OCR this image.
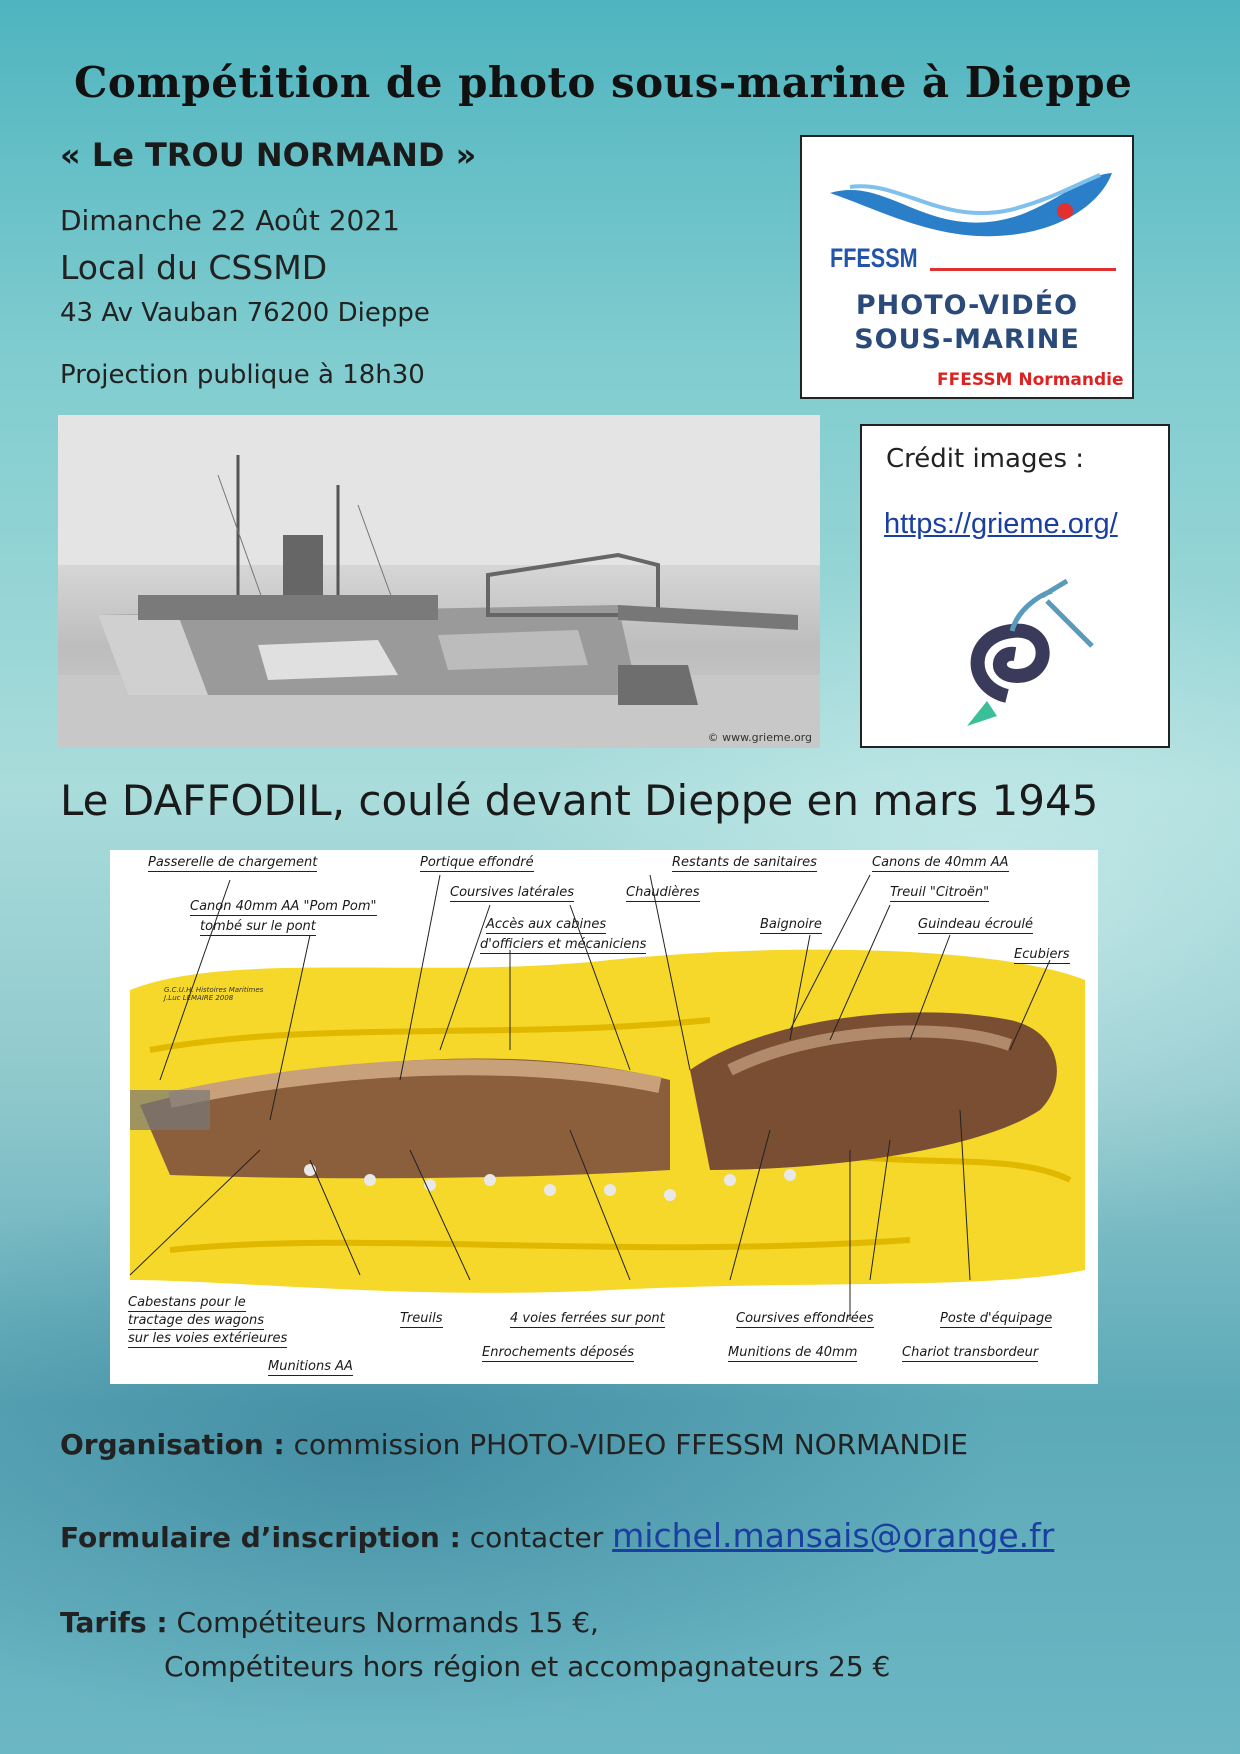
Compétition de photo sous-marine à Dieppe
« Le TROU NORMAND »
Dimanche 22 Août 2021
Local du CSSMD
43 Av Vauban 76200 Dieppe
Projection publique à 18h30
FFESSM
PHOTO-VIDÉO
SOUS-MARINE
FFESSM Normandie
© www.grieme.org
Crédit images :
https://grieme.org/
Le DAFFODIL, coulé devant Dieppe en mars 1945
Passerelle de chargement	Portique effondré	Restants de sanitaires	Canons de 40mm AA
Canon 40mm AA "Pom Pom"
tombé sur le pont
Coursives latérales	Chaudières	Treuil "Citroën"
Accès aux cabines
d'officiers et mécaniciens
Baignoire	Guindeau écroulé
Ecubiers
G.C.U.H. Histoires Maritimes J.Luc LEMAIRE 2008
Cabestans pour le
tractage des wagons
sur les voies extérieures
Treuils	4 voies ferrées sur pont	Coursives effondrées	Poste d'équipage
Munitions AA
Enrochements déposés	Munitions de 40mm	Chariot transbordeur
Organisation : commission PHOTO-VIDEO FFESSM NORMANDIE
Formulaire d’inscription : contacter michel.mansais@orange.fr
Tarifs : Compétiteurs Normands 15 €,
Compétiteurs hors région et accompagnateurs 25 €
